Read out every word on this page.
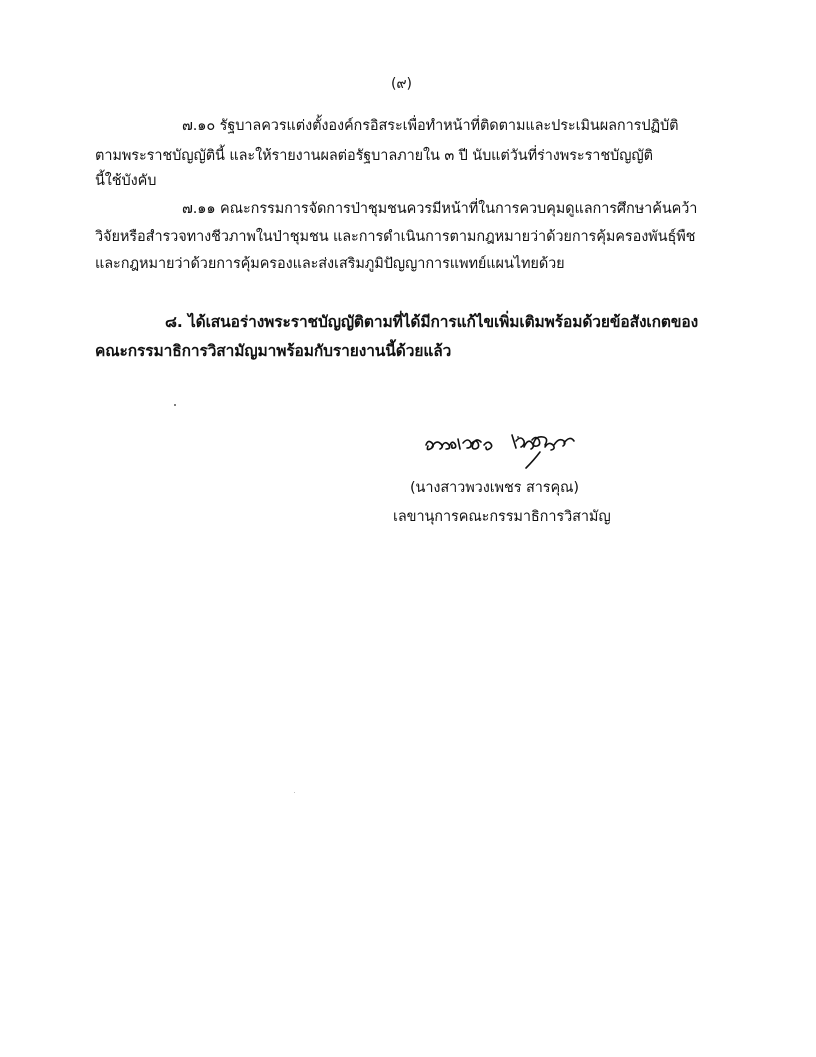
(๙)
๗.๑๐ รัฐบาลควรแต่งตั้งองค์กรอิสระเพื่อทำหน้าที่ติดตามและประเมินผลการปฏิบัติ
ตามพระราชบัญญัตินี้ และให้รายงานผลต่อรัฐบาลภายใน ๓ ปี นับแต่วันที่ร่างพระราชบัญญัติ
นี้ใช้บังคับ
๗.๑๑ คณะกรรมการจัดการป่าชุมชนควรมีหน้าที่ในการควบคุมดูแลการศึกษาค้นคว้า
วิจัยหรือสำรวจทางชีวภาพในป่าชุมชน และการดำเนินการตามกฎหมายว่าด้วยการคุ้มครองพันธุ์พืช
และกฎหมายว่าด้วยการคุ้มครองและส่งเสริมภูมิปัญญาการแพทย์แผนไทยด้วย
๘. ได้เสนอร่างพระราชบัญญัติตามที่ได้มีการแก้ไขเพิ่มเติมพร้อมด้วยข้อสังเกตของ
คณะกรรมาธิการวิสามัญมาพร้อมกับรายงานนี้ด้วยแล้ว
(นางสาวพวงเพชร สารคุณ)
เลขานุการคณะกรรมาธิการวิสามัญ
